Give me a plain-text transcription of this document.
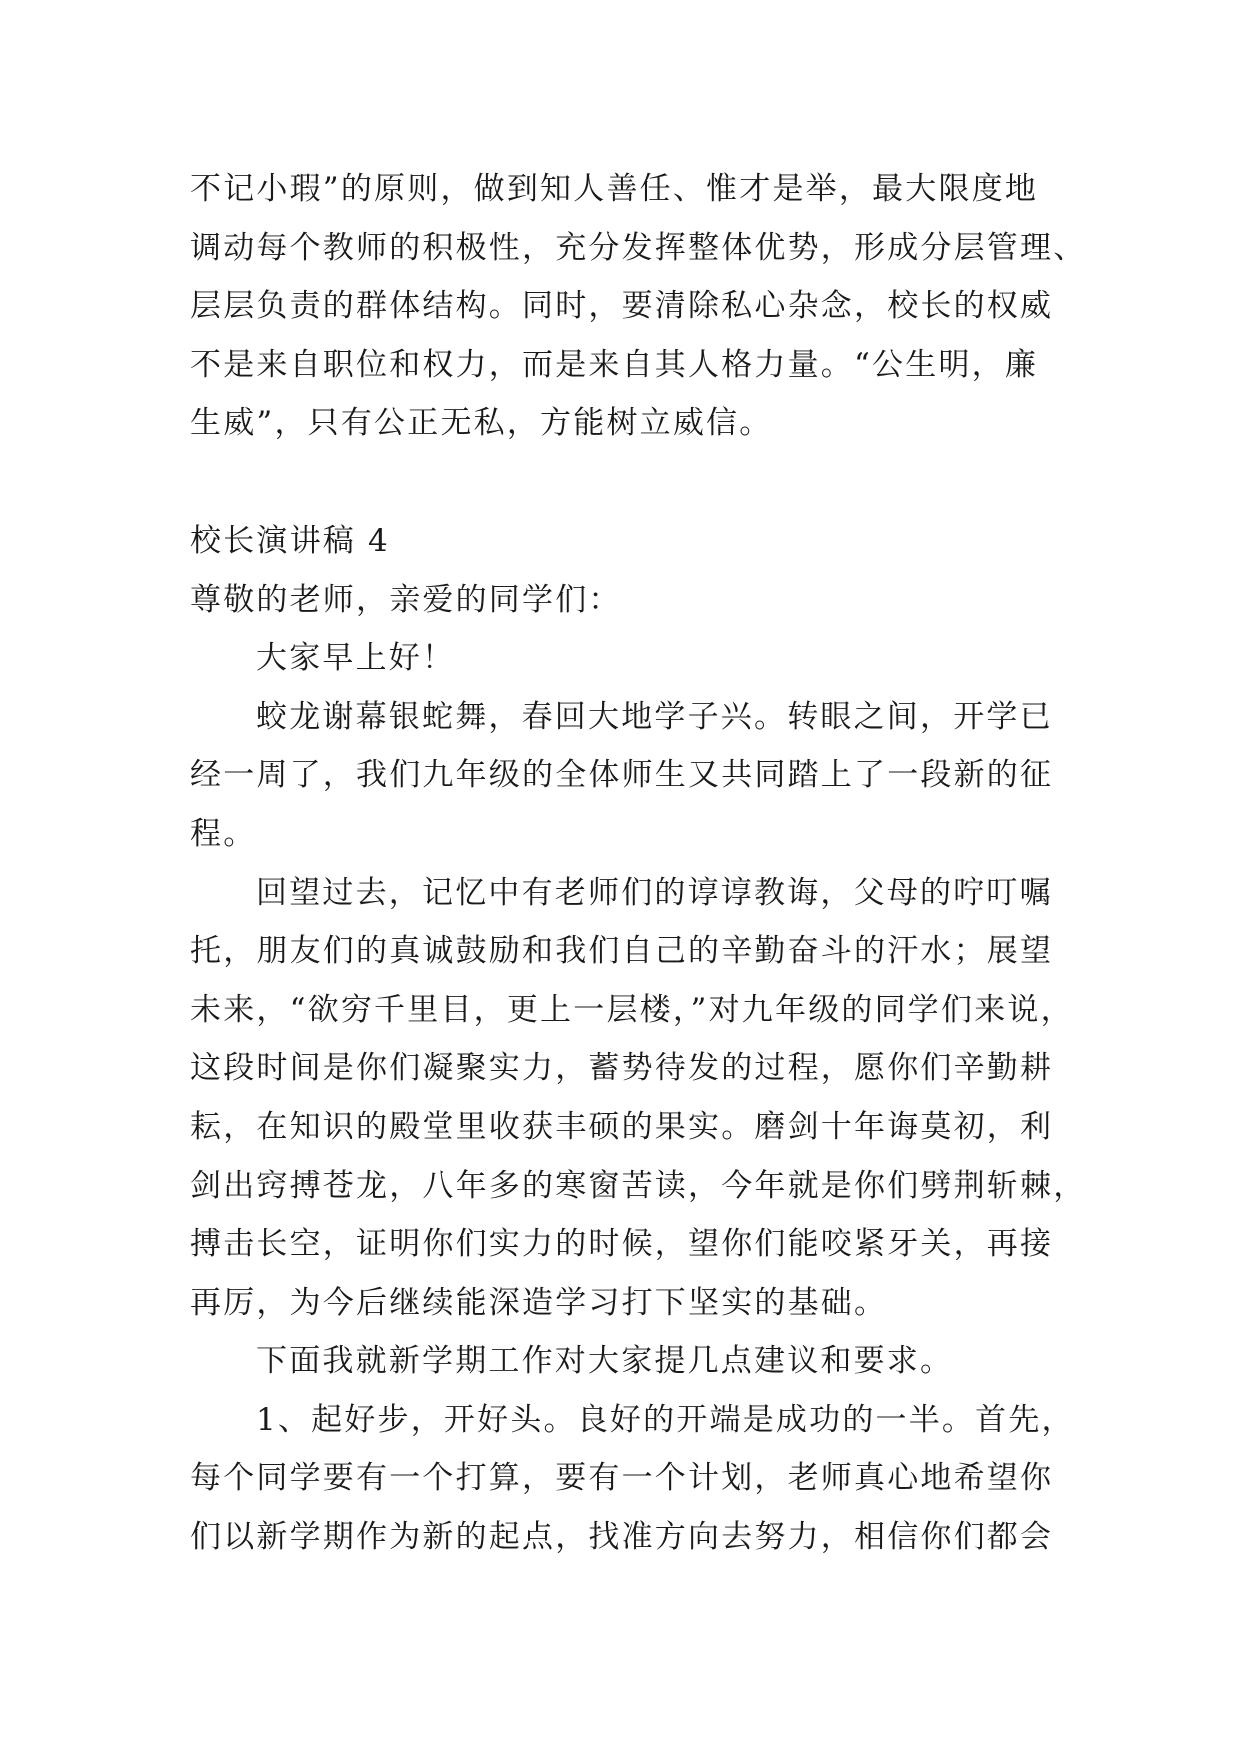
不记小瑕”的原则，做到知人善任、惟才是举，最大限度地
调动每个教师的积极性，充分发挥整体优势，形成分层管理、
层层负责的群体结构。同时，要清除私心杂念，校长的权威
不是来自职位和权力，而是来自其人格力量。“公生明，廉
生威”，只有公正无私，方能树立威信。
校长演讲稿 4
尊敬的老师，亲爱的同学们：
大家早上好！
蛟龙谢幕银蛇舞，春回大地学子兴。转眼之间，开学已
经一周了，我们九年级的全体师生又共同踏上了一段新的征
程。
回望过去，记忆中有老师们的谆谆教诲，父母的咛叮嘱
托，朋友们的真诚鼓励和我们自己的辛勤奋斗的汗水；展望
未来，“欲穷千里目，更上一层楼，”对九年级的同学们来说，
这段时间是你们凝聚实力，蓄势待发的过程，愿你们辛勤耕
耘，在知识的殿堂里收获丰硕的果实。磨剑十年诲莫初，利
剑出窍搏苍龙，八年多的寒窗苦读，今年就是你们劈荆斩棘，
搏击长空，证明你们实力的时候，望你们能咬紧牙关，再接
再厉，为今后继续能深造学习打下坚实的基础。
下面我就新学期工作对大家提几点建议和要求。
1、起好步，开好头。良好的开端是成功的一半。首先，
每个同学要有一个打算，要有一个计划，老师真心地希望你
们以新学期作为新的起点，找准方向去努力，相信你们都会
